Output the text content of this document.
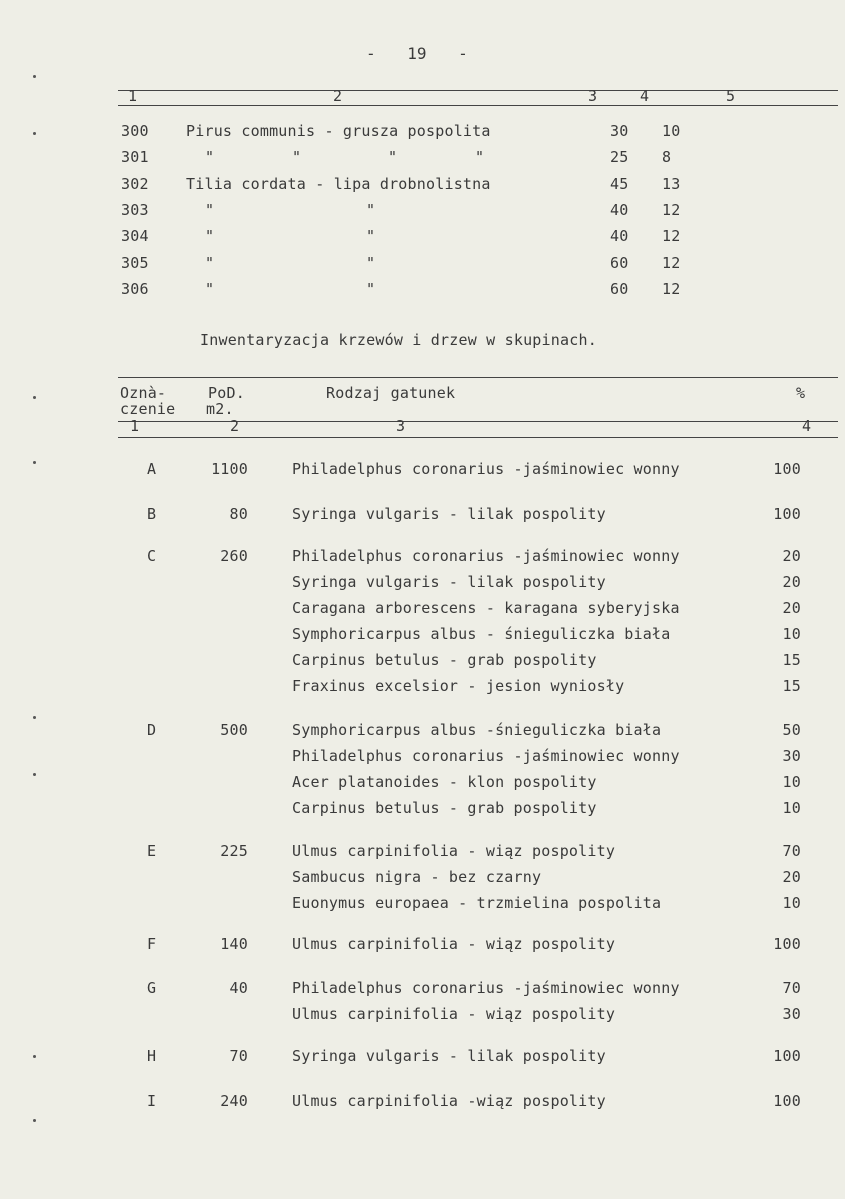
- 19 -
1	2	3	4	5
300 Pirus communis - grusza pospolita	30 10
301	"	"	"	"	25 8
302 Tilia cordata - lipa drobnolistna	45 13
303	"	"	40 12
304	"	"	40 12
305	"	"	60 12
306	"	"	60 12
Inwentaryzacja krzewów i drzew w skupinach.
Oznà-
czenie
PoD.
m2.
Rodzaj gatunek	%
1	2	3	4
A	1100	Philadelphus coronarius -jaśminowiec wonny	100
B	80	Syringa vulgaris - lilak pospolity	100
C	260	Philadelphus coronarius -jaśminowiec wonny	20
Syringa vulgaris - lilak pospolity	20
Caragana arborescens - karagana syberyjska	20
Symphoricarpus albus - śnieguliczka biała	10
Carpinus betulus - grab pospolity	15
Fraxinus excelsior - jesion wyniosły	15
D	500	Symphoricarpus albus -śnieguliczka biała	50
Philadelphus coronarius -jaśminowiec wonny	30
Acer platanoides - klon pospolity	10
Carpinus betulus - grab pospolity	10
E	225	Ulmus carpinifolia - wiąz pospolity	70
Sambucus nigra - bez czarny	20
Euonymus europaea - trzmielina pospolita	10
F	140	Ulmus carpinifolia - wiąz pospolity	100
G	40	Philadelphus coronarius -jaśminowiec wonny	70
Ulmus carpinifolia - wiąz pospolity	30
H	70	Syringa vulgaris - lilak pospolity	100
I	240	Ulmus carpinifolia -wiąz pospolity	100
